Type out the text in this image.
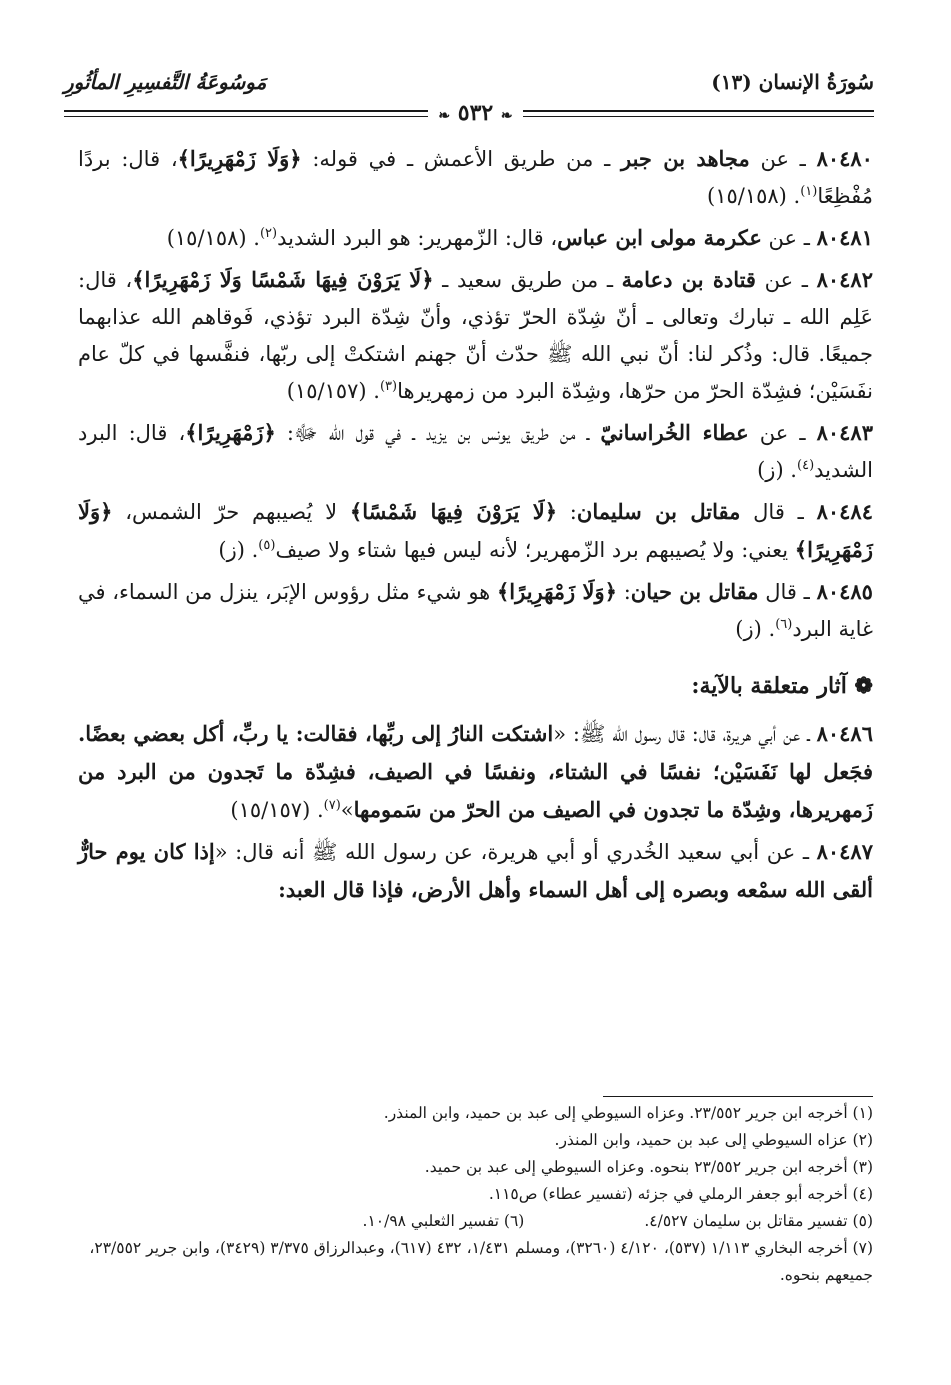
سُورَةُ الإنسان (١٣)
مَوسُوعَةُ التَّفسِيرِ المأثُورِ
❧ ٥٣٢ ❧

٨٠٤٨٠ ـ عن مجاهد بن جبر ـ من طريق الأعمش ـ في قوله: ﴿وَلَا زَمْهَرِيرًا﴾، قال: بردًا مُفْظِعًا$^{(١)}$. (١٥/١٥٨)

٨٠٤٨١ ـ عن عكرمة مولى ابن عباس، قال: الزّمهرير: هو البرد الشديد$^{(٢)}$. (١٥/١٥٨)

٨٠٤٨٢ ـ عن قتادة بن دعامة ـ من طريق سعيد ـ ﴿لَا يَرَوْنَ فِيهَا شَمْسًا وَلَا زَمْهَرِيرًا﴾، قال: عَلِم الله ـ تبارك وتعالى ـ أنّ شِدّة الحرّ تؤذي، وأنّ شِدّة البرد تؤذي، فَوقاهم الله عذابهما جميعًا. قال: وذُكر لنا: أنّ نبي الله ﷺ حدّث أنّ جهنم اشتكتْ إلى ربّها، فنفَّسها في كلّ عام نفَسَيْن؛ فشِدّة الحرّ من حرّها، وشِدّة البرد من زمهريرها$^{(٣)}$. (١٥/١٥٧)

٨٠٤٨٣ ـ عن عطاء الخُراسانيّ ـ من طريق يونس بن يزيد ـ في قول الله ﷻ: ﴿زَمْهَرِيرًا﴾، قال: البرد الشديد$^{(٤)}$. (ز)

٨٠٤٨٤ ـ قال مقاتل بن سليمان: ﴿لَا يَرَوْنَ فِيهَا شَمْسًا﴾ لا يُصيبهم حرّ الشمس، ﴿وَلَا زَمْهَرِيرًا﴾ يعني: ولا يُصيبهم برد الزّمهرير؛ لأنه ليس فيها شتاء ولا صيف$^{(٥)}$. (ز)

٨٠٤٨٥ ـ قال مقاتل بن حيان: ﴿وَلَا زَمْهَرِيرًا﴾ هو شيء مثل رؤوس الإبَر، ينزل من السماء، في غاية البرد$^{(٦)}$. (ز)

❁ آثار متعلقة بالآية:

٨٠٤٨٦ ـ عن أبي هريرة، قال: قال رسول الله ﷺ: «اشتكت النارُ إلى ربِّها، فقالت: يا ربِّ، أكل بعضي بعضًا. فجَعل لها نَفَسَيْن؛ نفسًا في الشتاء، ونفسًا في الصيف، فشِدّة ما تَجدون من البرد من زَمهريرها، وشِدّة ما تجدون في الصيف من الحرّ من سَمومها»$^{(٧)}$. (١٥/١٥٧)

٨٠٤٨٧ ـ عن أبي سعيد الخُدري أو أبي هريرة، عن رسول الله ﷺ أنه قال: «إذا كان يوم حارٌّ ألقى الله سمْعه وبصره إلى أهل السماء وأهل الأرض، فإذا قال العبد:

(١) أخرجه ابن جرير ٢٣/٥٥٢. وعزاه السيوطي إلى عبد بن حميد، وابن المنذر.
(٢) عزاه السيوطي إلى عبد بن حميد، وابن المنذر.
(٣) أخرجه ابن جرير ٢٣/٥٥٢ بنحوه. وعزاه السيوطي إلى عبد بن حميد.
(٤) أخرجه أبو جعفر الرملي في جزئه (تفسير عطاء) ص١١٥.
(٥) تفسير مقاتل بن سليمان ٤/٥٢٧.
(٦) تفسير الثعلبي ١٠/٩٨.
(٧) أخرجه البخاري ١/١١٣ (٥٣٧)، ٤/١٢٠ (٣٢٦٠)، ومسلم ١/٤٣١، ٤٣٢ (٦١٧)، وعبدالرزاق ٣/٣٧٥ (٣٤٢٩)، وابن جرير ٢٣/٥٥٢، جميعهم بنحوه.
